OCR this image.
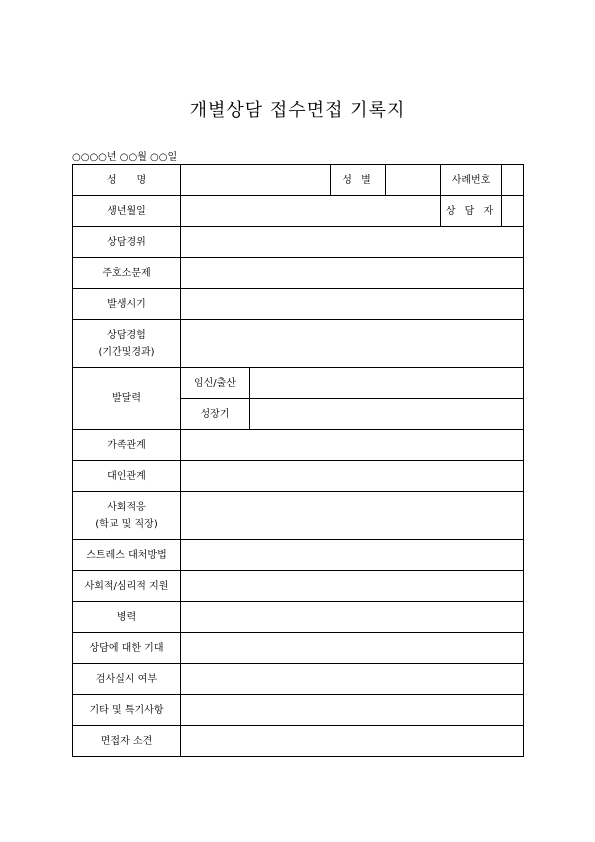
개별상담 접수면접 기록지
○○○○년 ○○월 ○○일
성　　명			성 별		사례번호	
생년월일					상 담 자	
상담경위						
주호소문제						
발생시기						

상담경험
(기간및경과)						

발달력	임신/출산					
	성장기					
가족관계						
대인관계						

사회적응
(학교 및 직장)						

스트레스 대처방법						
사회적/심리적 지원						
병력						
상담에 대한 기대						
검사실시 여부						
기타 및 특기사항						
면접자 소견						
